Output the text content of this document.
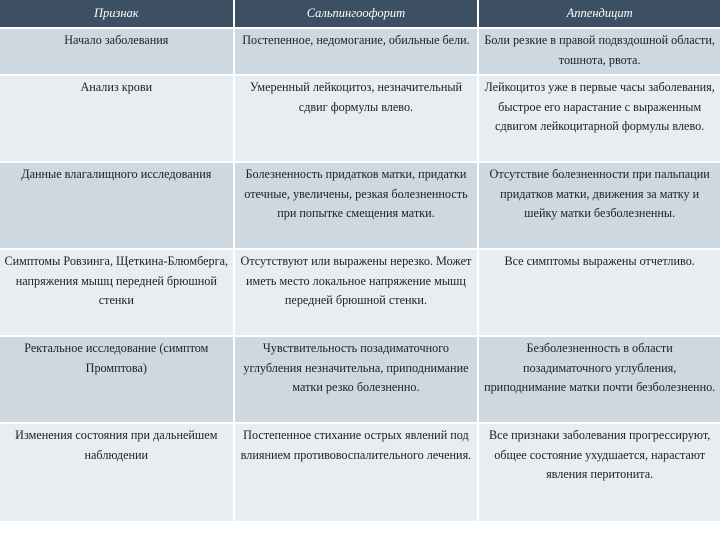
Признак	Сальпингоофорит	Аппендицит
Начало заболевания	Постепенное, недомогание, обильные бели.	Боли резкие в правой подвздошной области, тошнота, рвота.
Анализ крови	Умеренный лейкоцитоз, незначительный сдвиг формулы влево.	Лейкоцитоз уже в первые часы заболевания, быстрое его нарастание с выраженным сдвигом лейкоцитарной формулы влево.
Данные влагалищного исследования	Болезненность придатков матки, придатки отечные, увеличены, резкая болезненность при попытке смещения матки.	Отсутствие болезненности при пальпации придатков матки, движения за матку и шейку матки безболезненны.
Симптомы Ровзинга, Щеткина-Блюмберга, напряжения мышц передней брюшной стенки	Отсутствуют или выражены нерезко. Может иметь место локальное напряжение мышц передней брюшной стенки.	Все симптомы выражены отчетливо.
Ректальное исследование (симптом Промптова)	Чувствительность позадиматочного углубления незначительна, приподнимание матки резко болезненно.	Безболезненность в области позадиматочного углубления, приподнимание матки почти безболезненно.
Изменения состояния при дальнейшем наблюдении	Постепенное стихание острых явлений под влиянием противовоспалительного лечения.	Все признаки заболевания прогрессируют, общее состояние ухудшается, нарастают явления перитонита.
